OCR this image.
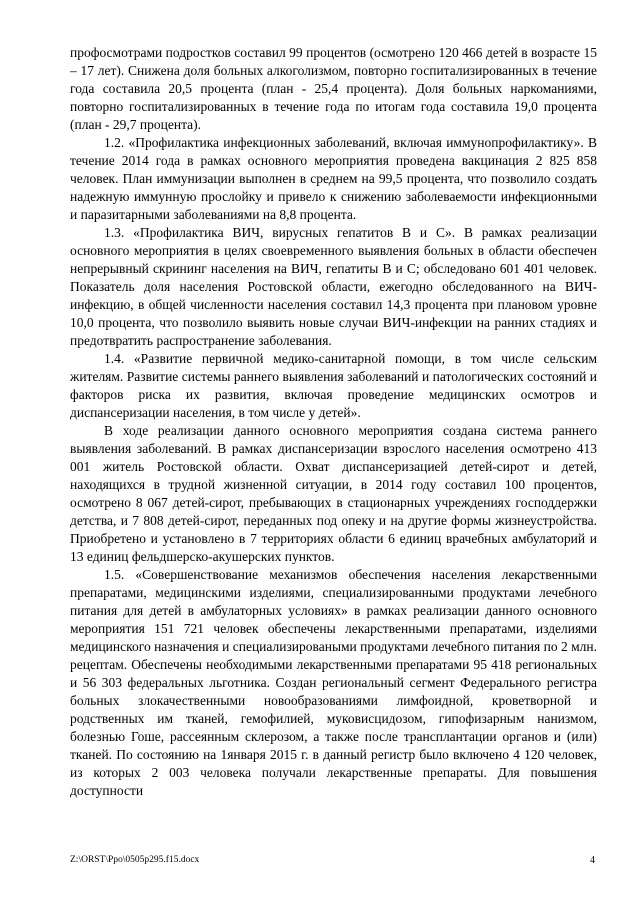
профосмотрами подростков составил 99 процентов (осмотрено 120 466 детей в возрасте 15 – 17 лет). Снижена доля больных алкоголизмом, повторно госпитализированных в течение года составила 20,5 процента (план - 25,4 процента). Доля больных наркоманиями, повторно госпитализированных в течение года по итогам года составила 19,0 процента (план - 29,7 процента).

1.2. «Профилактика инфекционных заболеваний, включая иммунопрофилактику». В течение 2014 года в рамках основного мероприятия проведена вакцинация 2 825 858 человек. План иммунизации выполнен в среднем на 99,5 процента, что позволило создать надежную иммунную прослойку и привело к снижению заболеваемости инфекционными и паразитарными заболеваниями на 8,8 процента.

1.3. «Профилактика ВИЧ, вирусных гепатитов В и С». В рамках реализации основного мероприятия в целях своевременного выявления больных в области обеспечен непрерывный скрининг населения на ВИЧ, гепатиты В и С; обследовано 601 401 человек. Показатель доля населения Ростовской области, ежегодно обследованного на ВИЧ-инфекцию, в общей численности населения составил 14,3 процента при плановом уровне 10,0 процента, что позволило выявить новые случаи ВИЧ-инфекции на ранних стадиях и предотвратить распространение заболевания.

1.4. «Развитие первичной медико-санитарной помощи, в том числе сельским жителям. Развитие системы раннего выявления заболеваний и патологических состояний и факторов риска их развития, включая проведение медицинских осмотров и диспансеризации населения, в том числе у детей».

В ходе реализации данного основного мероприятия создана система раннего выявления заболеваний. В рамках диспансеризации взрослого населения осмотрено 413 001 житель Ростовской области. Охват диспансеризацией детей-сирот и детей, находящихся в трудной жизненной ситуации, в 2014 году составил 100 процентов, осмотрено 8 067 детей-сирот, пребывающих в стационарных учреждениях господдержки детства, и 7 808 детей-сирот, переданных под опеку и на другие формы жизнеустройства. Приобретено и установлено в 7 территориях области 6 единиц врачебных амбулаторий и 13 единиц фельдшерско-акушерских пунктов.

1.5. «Совершенствование механизмов обеспечения населения лекарственными препаратами, медицинскими изделиями, специализированными продуктами лечебного питания для детей в амбулаторных условиях» в рамках реализации данного основного мероприятия 151 721 человек обеспечены лекарственными препаратами, изделиями медицинского назначения и специализироваными продуктами лечебного питания по 2 млн. рецептам. Обеспечены необходимыми лекарственными препаратами 95 418 региональных и 56 303 федеральных льготника. Создан региональный сегмент Федерального регистра больных злокачественными новообразованиями лимфоидной, кроветворной и родственных им тканей, гемофилией, муковисцидозом, гипофизарным нанизмом, болезнью Гоше, рассеянным склерозом, а также после трансплантации органов и (или) тканей. По состоянию на 1января 2015 г. в данный регистр было включено 4 120 человек, из которых 2 003 человека получали лекарственные препараты. Для повышения доступности

Z:\ORST\Ppo\0505p295.f15.docx	4
